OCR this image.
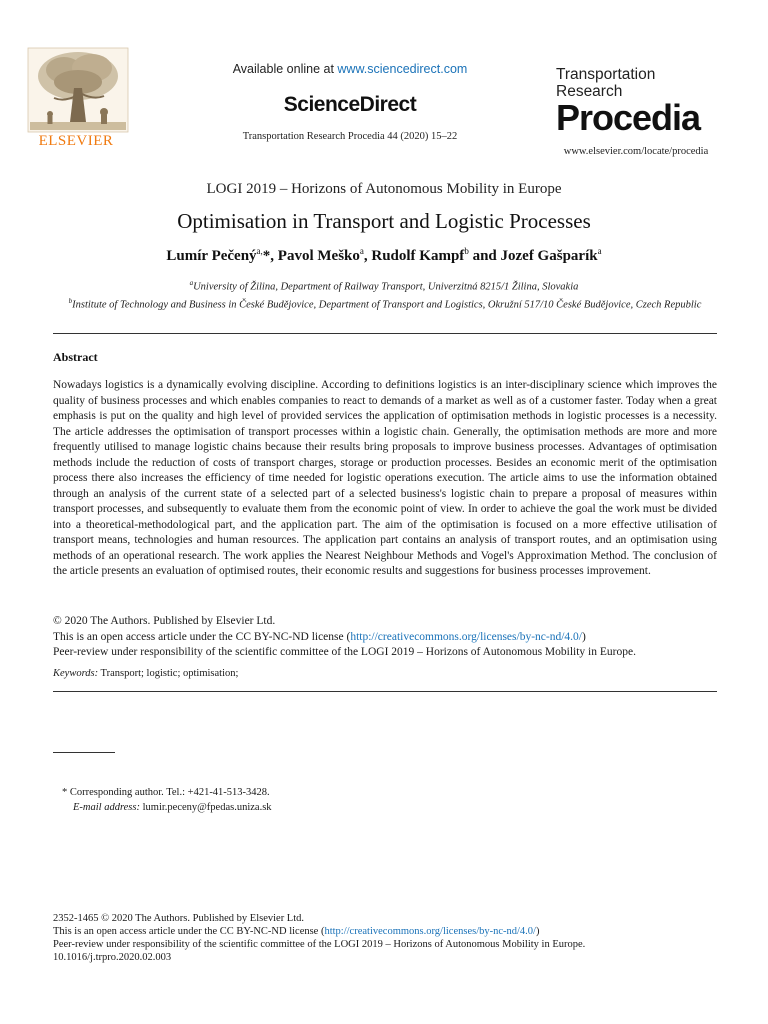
ELSEVIER
Available online at www.sciencedirect.com
ScienceDirect
Transportation Research Procedia 44 (2020) 15–22
Transportation
Research
Procedia
www.elsevier.com/locate/procedia
LOGI 2019 – Horizons of Autonomous Mobility in Europe
Optimisation in Transport and Logistic Processes
Lumír Pečený$^{a,}$*, Pavol Meško$^a$, Rudolf Kampf$^b$ and Jozef Gašparík$^a$
$^a$University of Žilina, Department of Railway Transport, Univerzitná 8215/1 Žilina, Slovakia
$^b$Institute of Technology and Business in České Budějovice, Department of Transport and Logistics, Okružní 517/10 České Budějovice, Czech Republic
Abstract
Nowadays logistics is a dynamically evolving discipline. According to definitions logistics is an inter-disciplinary science which improves the quality of business processes and which enables companies to react to demands of a market as well as of a customer faster. Today when a great emphasis is put on the quality and high level of provided services the application of optimisation methods in logistic processes is a necessity. The article addresses the optimisation of transport processes within a logistic chain. Generally, the optimisation methods are more and more frequently utilised to manage logistic chains because their results bring proposals to improve business processes. Advantages of optimisation methods include the reduction of costs of transport charges, storage or production processes. Besides an economic merit of the optimisation process there also increases the efficiency of time needed for logistic operations execution. The article aims to use the information obtained through an analysis of the current state of a selected part of a selected business's logistic chain to prepare a proposal of measures within transport processes, and subsequently to evaluate them from the economic point of view. In order to achieve the goal the work must be divided into a theoretical-methodological part, and the application part. The aim of the optimisation is focused on a more effective utilisation of transport means, technologies and human resources. The application part contains an analysis of transport routes, and an optimisation using methods of an operational research. The work applies the Nearest Neighbour Methods and Vogel's Approximation Method. The conclusion of the article presents an evaluation of optimised routes, their economic results and suggestions for business processes improvement.
© 2020 The Authors. Published by Elsevier Ltd.
This is an open access article under the CC BY-NC-ND license (http://creativecommons.org/licenses/by-nc-nd/4.0/)
Peer-review under responsibility of the scientific committee of the LOGI 2019 – Horizons of Autonomous Mobility in Europe.
Keywords: Transport; logistic; optimisation;
* Corresponding author. Tel.: +421-41-513-3428.
E-mail address: lumir.peceny@fpedas.uniza.sk
2352-1465 © 2020 The Authors. Published by Elsevier Ltd.
This is an open access article under the CC BY-NC-ND license (http://creativecommons.org/licenses/by-nc-nd/4.0/)
Peer-review under responsibility of the scientific committee of the LOGI 2019 – Horizons of Autonomous Mobility in Europe.
10.1016/j.trpro.2020.02.003
